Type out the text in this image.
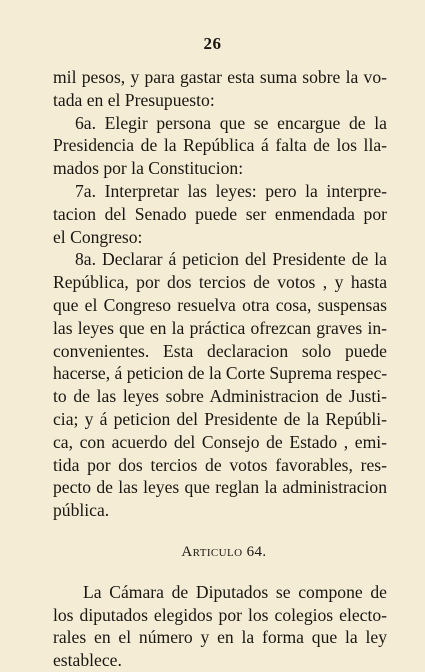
26
mil pesos, y para gastar esta suma sobre la vo-
tada en el Presupuesto:
6a. Elegir persona que se encargue de la
Presidencia de la República á falta de los lla-
mados por la Constitucion:
7a. Interpretar las leyes: pero la interpre-
tacion del Senado puede ser enmendada por
el Congreso:
8a. Declarar á peticion del Presidente de la
República, por dos tercios de votos , y hasta
que el Congreso resuelva otra cosa, suspensas
las leyes que en la práctica ofrezcan graves in-
convenientes. Esta declaracion solo puede
hacerse, á peticion de la Corte Suprema respec-
to de las leyes sobre Administracion de Justi-
cia; y á peticion del Presidente de la Repúbli-
ca, con acuerdo del Consejo de Estado , emi-
tida por dos tercios de votos favorables, res-
pecto de las leyes que reglan la administracion
pública.
Articulo 64.
La Cámara de Diputados se compone de
los diputados elegidos por los colegios electo-
rales en el número y en la forma que la ley
establece.
